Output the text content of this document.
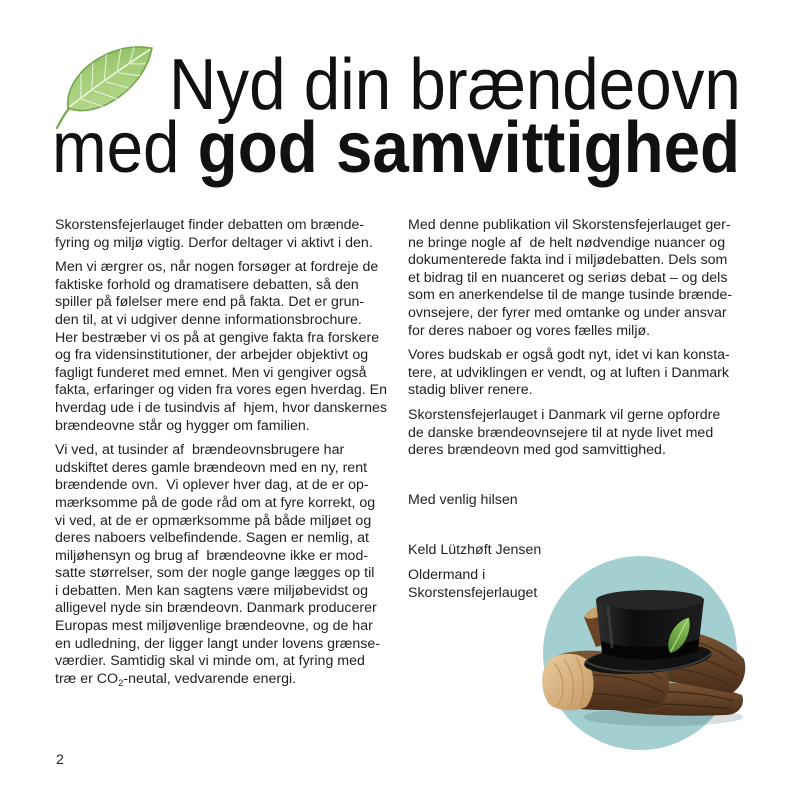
Nyd din brændeovn
med god samvittighed
Skorstensfejerlauget finder debatten om brænde-
fyring og miljø vigtig. Derfor deltager vi aktivt i den.
Men vi ærgrer os, når nogen forsøger at fordreje de
faktiske forhold og dramatisere debatten, så den
spiller på følelser mere end på fakta. Det er grun-
den til, at vi udgiver denne informationsbrochure.
Her bestræber vi os på at gengive fakta fra forskere
og fra vidensinstitutioner, der arbejder objektivt og
fagligt funderet med emnet. Men vi gengiver også
fakta, erfaringer og viden fra vores egen hverdag. En
hverdag ude i de tusindvis af  hjem, hvor danskernes
brændeovne står og hygger om familien.
Vi ved, at tusinder af  brændeovnsbrugere har
udskiftet deres gamle brændeovn med en ny, rent
brændende ovn.  Vi oplever hver dag, at de er op-
mærksomme på de gode råd om at fyre korrekt, og
vi ved, at de er opmærksomme på både miljøet og
deres naboers velbefindende. Sagen er nemlig, at
miljøhensyn og brug af  brændeovne ikke er mod-
satte størrelser, som der nogle gange lægges op til
i debatten. Men kan sagtens være miljøbevidst og
alligevel nyde sin brændeovn. Danmark producerer
Europas mest miljøvenlige brændeovne, og de har
en udledning, der ligger langt under lovens grænse-
værdier. Samtidig skal vi minde om, at fyring med
træ er $CO_2$-neutal, vedvarende energi.
Med denne publikation vil Skorstensfejerlauget ger-
ne bringe nogle af  de helt nødvendige nuancer og
dokumenterede fakta ind i miljødebatten. Dels som
et bidrag til en nuanceret og seriøs debat – og dels
som en anerkendelse til de mange tusinde brænde-
ovnsejere, der fyrer med omtanke og under ansvar
for deres naboer og vores fælles miljø.
Vores budskab er også godt nyt, idet vi kan konsta-
tere, at udviklingen er vendt, og at luften i Danmark
stadig bliver renere.
Skorstensfejerlauget i Danmark vil gerne opfordre
de danske brændeovnsejere til at nyde livet med
deres brændeovn med god samvittighed.
Med venlig hilsen
Keld Lützhøft Jensen
Oldermand i
Skorstensfejerlauget
2
